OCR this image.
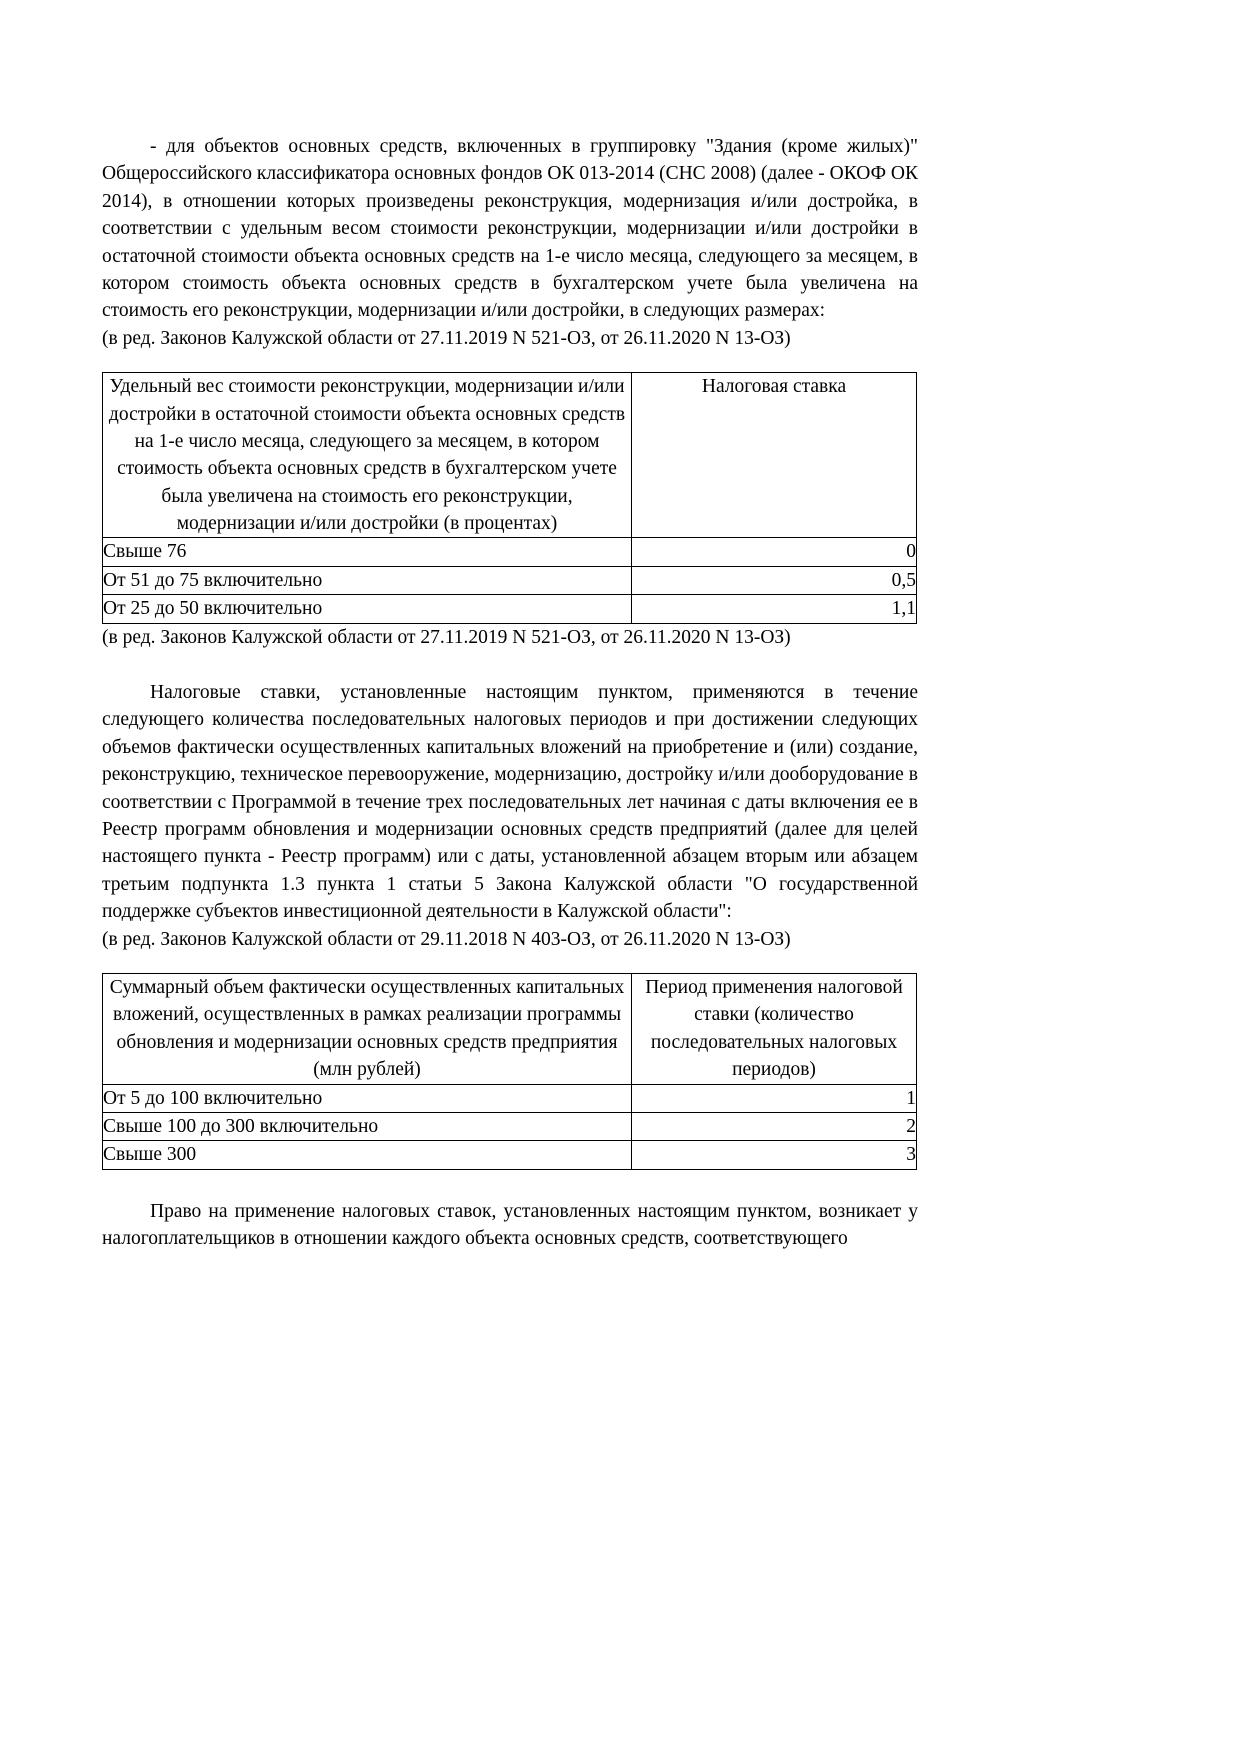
- для объектов основных средств, включенных в группировку "Здания (кроме жилых)" Общероссийского классификатора основных фондов ОК 013-2014 (СНС 2008) (далее - ОКОФ ОК 2014), в отношении которых произведены реконструкция, модернизация и/или достройка, в соответствии с удельным весом стоимости реконструкции, модернизации и/или достройки в остаточной стоимости объекта основных средств на 1-е число месяца, следующего за месяцем, в котором стоимость объекта основных средств в бухгалтерском учете была увеличена на стоимость его реконструкции, модернизации и/или достройки, в следующих размерах:

(в ред. Законов Калужской области от 27.11.2019 N 521-ОЗ, от 26.11.2020 N 13-ОЗ)

Удельный вес стоимости реконструкции, модернизации и/или достройки в остаточной стоимости объекта основных средств на 1-е число месяца, следующего за месяцем, в котором стоимость объекта основных средств в бухгалтерском учете была увеличена на стоимость его реконструкции, модернизации и/или достройки (в процентах)	Налоговая ставка
Свыше 76	0
От 51 до 75 включительно	0,5
От 25 до 50 включительно	1,1

(в ред. Законов Калужской области от 27.11.2019 N 521-ОЗ, от 26.11.2020 N 13-ОЗ)

Налоговые ставки, установленные настоящим пунктом, применяются в течение следующего количества последовательных налоговых периодов и при достижении следующих объемов фактически осуществленных капитальных вложений на приобретение и (или) создание, реконструкцию, техническое перевооружение, модернизацию, достройку и/или дооборудование в соответствии с Программой в течение трех последовательных лет начиная с даты включения ее в Реестр программ обновления и модернизации основных средств предприятий (далее для целей настоящего пункта - Реестр программ) или с даты, установленной абзацем вторым или абзацем третьим подпункта 1.3 пункта 1 статьи 5 Закона Калужской области "О государственной поддержке субъектов инвестиционной деятельности в Калужской области":

(в ред. Законов Калужской области от 29.11.2018 N 403-ОЗ, от 26.11.2020 N 13-ОЗ)

Суммарный объем фактически осуществленных капитальных вложений, осуществленных в рамках реализации программы обновления и модернизации основных средств предприятия (млн рублей)	Период применения налоговой ставки (количество последовательных налоговых периодов)
От 5 до 100 включительно	1
Свыше 100 до 300 включительно	2
Свыше 300	3

Право на применение налоговых ставок, установленных настоящим пунктом, возникает у налогоплательщиков в отношении каждого объекта основных средств, соответствующего
